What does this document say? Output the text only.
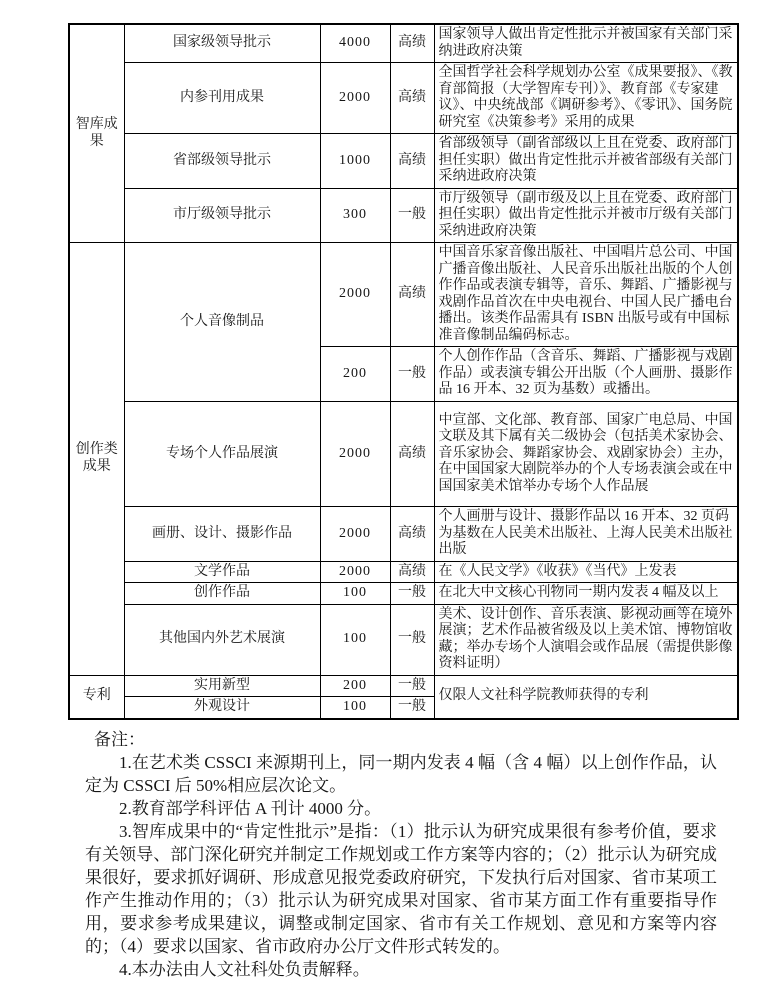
智库成果	国家级领导批示	4000	高绩	国家领导人做出肯定性批示并被国家有关部门采纳进政府决策
	内参刊用成果	2000	高绩	全国哲学社会科学规划办公室《成果要报》、《教育部简报（大学智库专刊）》、教育部《专家建议》、中央统战部《调研参考》、《零讯》、国务院研究室《决策参考》采用的成果
	省部级领导批示	1000	高绩	省部级领导（副省部级以上且在党委、政府部门担任实职）做出肯定性批示并被省部级有关部门采纳进政府决策
	市厅级领导批示	300	一般	市厅级领导（副市级及以上且在党委、政府部门担任实职）做出肯定性批示并被市厅级有关部门采纳进政府决策
创作类成果	个人音像制品	2000	高绩	中国音乐家音像出版社、中国唱片总公司、中国广播音像出版社、人民音乐出版社出版的个人创作作品或表演专辑等，音乐、舞蹈、广播影视与戏剧作品首次在中央电视台、中国人民广播电台播出。该类作品需具有 ISBN 出版号或有中国标准音像制品编码标志。
		200	一般	个人创作作品（含音乐、舞蹈、广播影视与戏剧作品）或表演专辑公开出版（个人画册、摄影作品 16 开本、32 页为基数）或播出。
	专场个人作品展演	2000	高绩	中宣部、文化部、教育部、国家广电总局、中国文联及其下属有关二级协会（包括美术家协会、音乐家协会、舞蹈家协会、戏剧家协会）主办，在中国国家大剧院举办的个人专场表演会或在中国国家美术馆举办专场个人作品展
	画册、设计、摄影作品	2000	高绩	个人画册与设计、摄影作品以 16 开本、32 页码为基数在人民美术出版社、上海人民美术出版社出版
	文学作品	2000	高绩	在《人民文学》《收获》《当代》上发表
	创作作品	100	一般	在北大中文核心刊物同一期内发表 4 幅及以上
	其他国内外艺术展演	100	一般	美术、设计创作、音乐表演、影视动画等在境外展演；艺术作品被省级及以上美术馆、博物馆收藏；举办专场个人演唱会或作品展（需提供影像资料证明）
专利	实用新型	200	一般	仅限人文社科学院教师获得的专利
	外观设计	100	一般	

备注：

1.在艺术类 CSSCI 来源期刊上，同一期内发表 4 幅（含 4 幅）以上创作作品，认定为 CSSCI 后 50%相应层次论文。

2.教育部学科评估 A 刊计 4000 分。

3.智库成果中的“肯定性批示”是指：（1）批示认为研究成果很有参考价值，要求有关领导、部门深化研究并制定工作规划或工作方案等内容的；（2）批示认为研究成果很好，要求抓好调研、形成意见报党委政府研究，下发执行后对国家、省市某项工作产生推动作用的；（3）批示认为研究成果对国家、省市某方面工作有重要指导作用，要求参考成果建议，调整或制定国家、省市有关工作规划、意见和方案等内容的；（4）要求以国家、省市政府办公厅文件形式转发的。

4.本办法由人文社科处负责解释。
